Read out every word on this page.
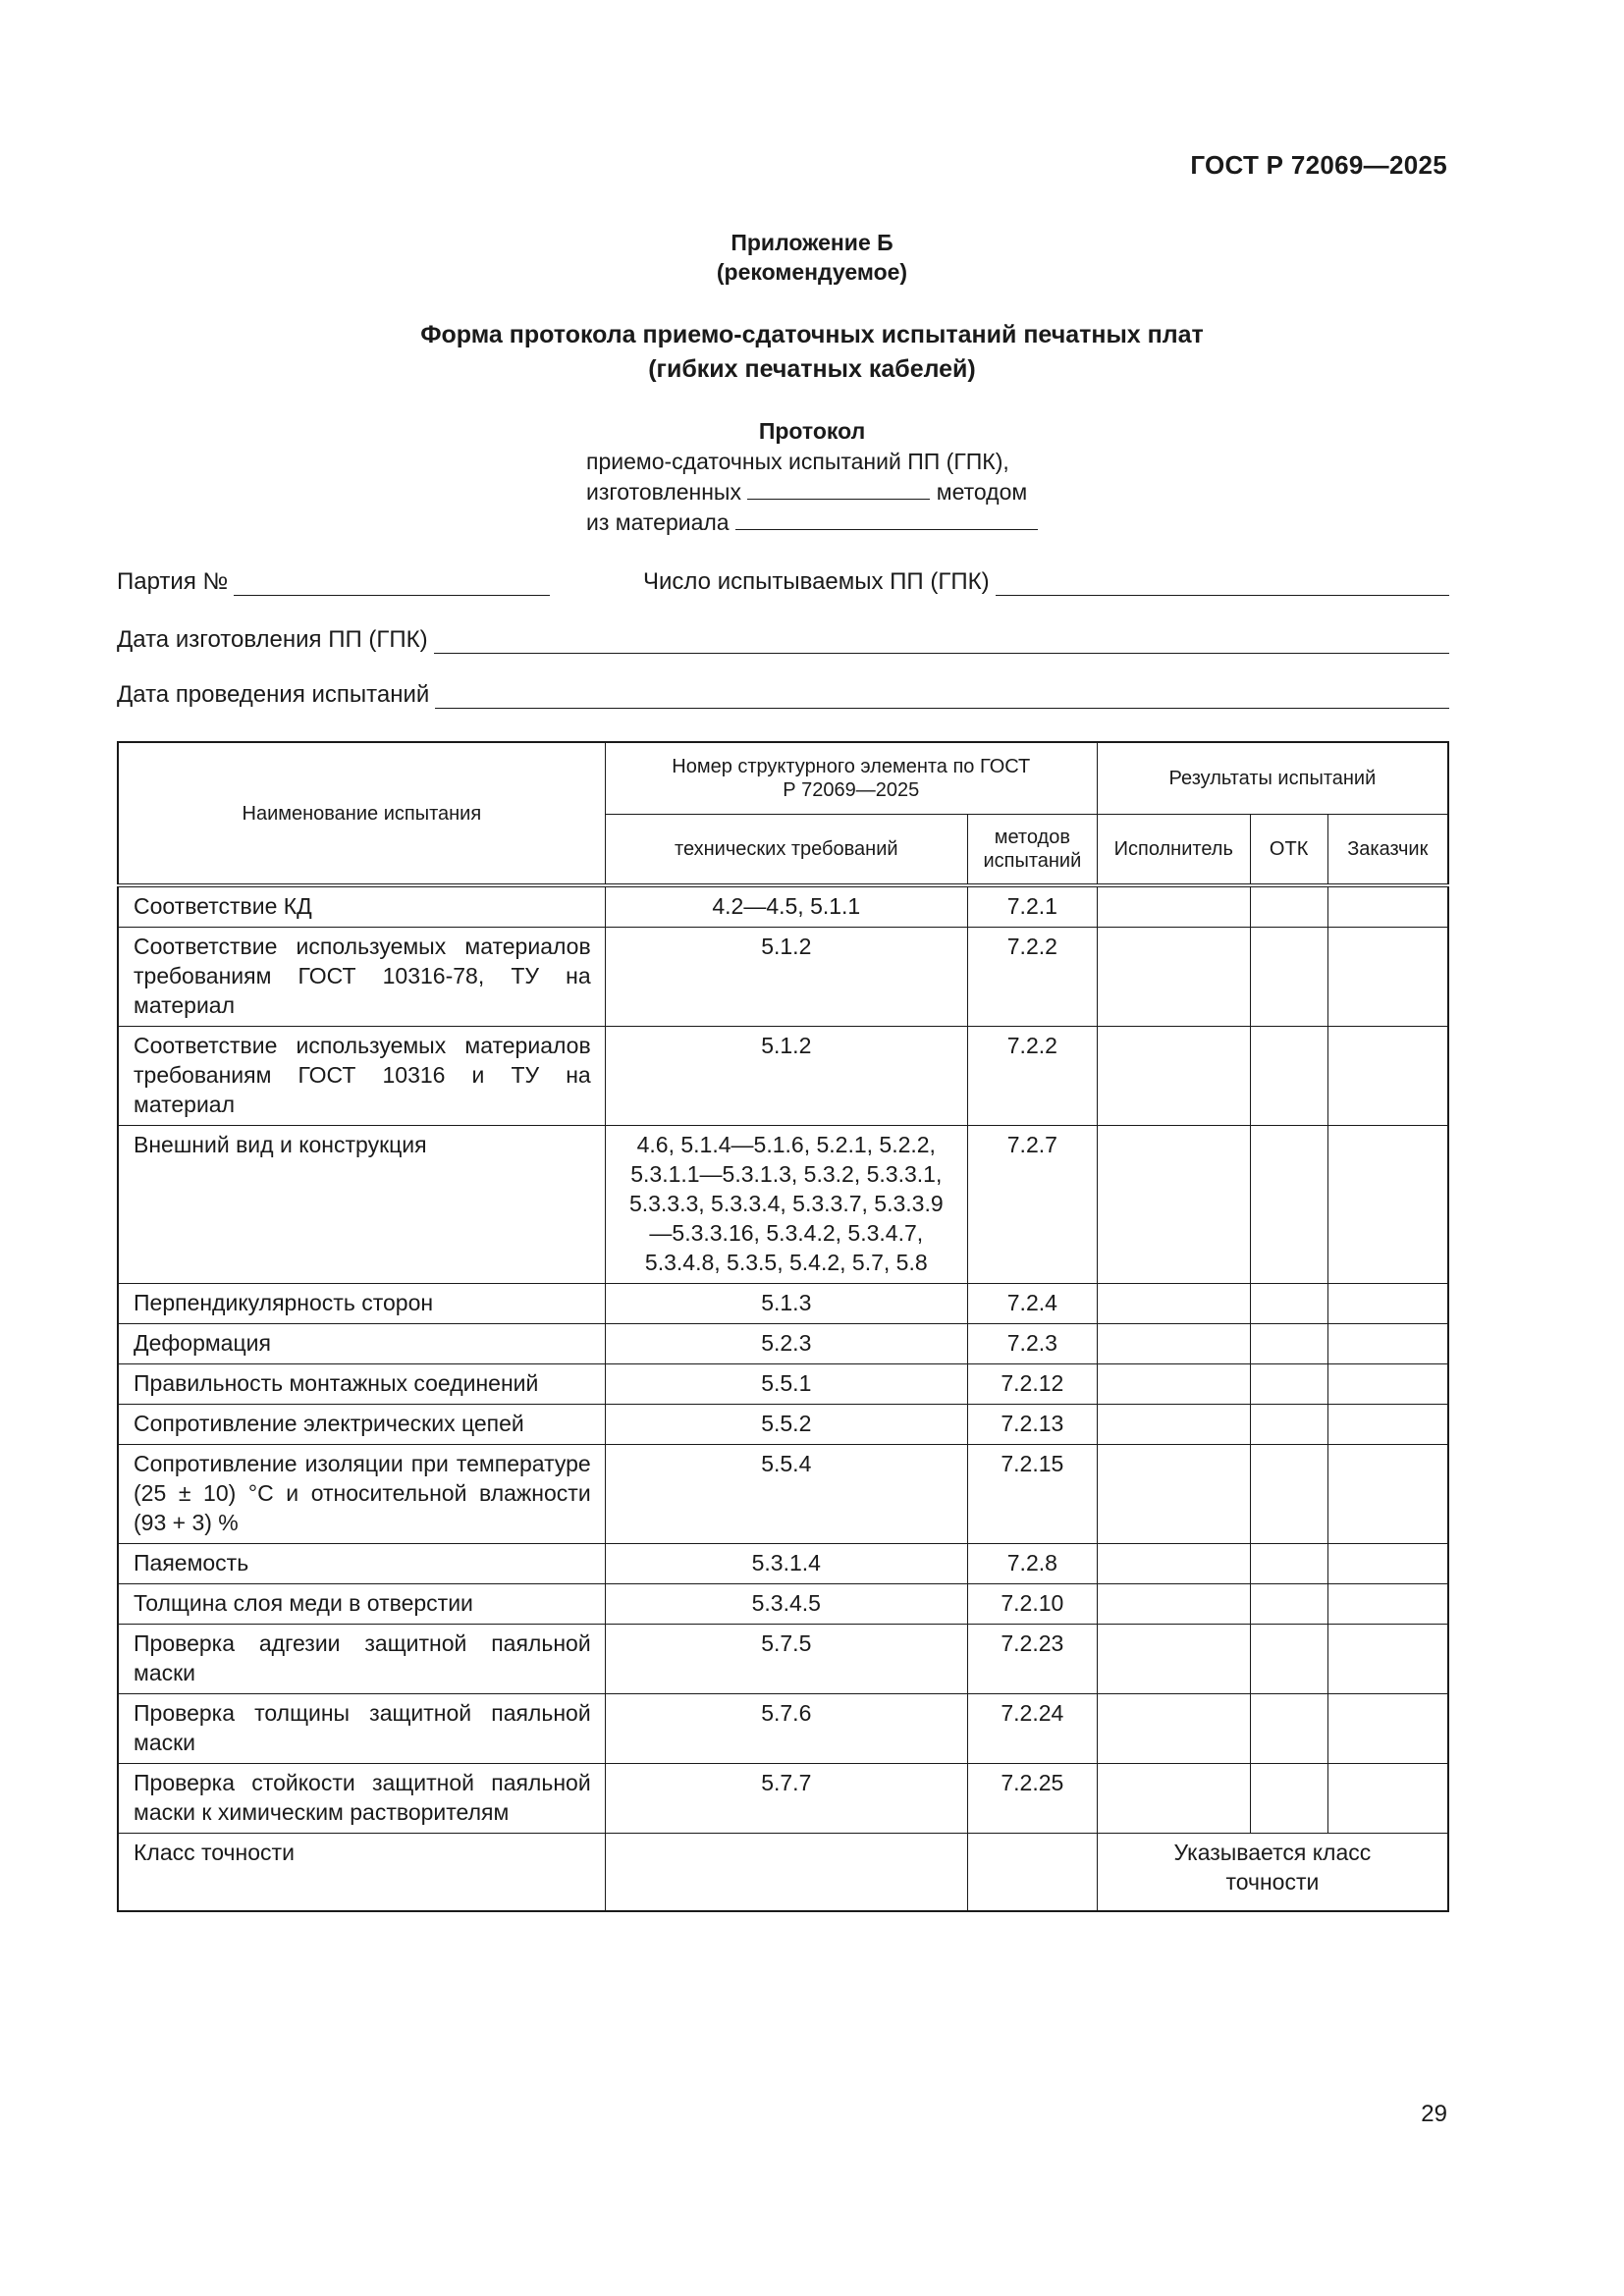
ГОСТ Р 72069—2025
Приложение Б
(рекомендуемое)
Форма протокола приемо-сдаточных испытаний печатных плат
(гибких печатных кабелей)
Протокол
приемо-сдаточных испытаний ПП (ГПК),
изготовленных	методом
из материала
Партия №	Число испытываемых ПП (ГПК)
Дата изготовления ПП (ГПК)
Дата проведения испытаний
Наименование испытания	Номер структурного элемента по ГОСТ Р 72069—2025		Результаты испытаний		
	технических требований	методов испытаний	Исполнитель	ОТК	Заказчик
Соответствие КД	4.2—4.5, 5.1.1	7.2.1			
Соответствие используемых материалов требованиям ГОСТ 10316-78, ТУ на материал	5.1.2	7.2.2			
Соответствие используемых материалов требованиям ГОСТ 10316 и ТУ на материал	5.1.2	7.2.2			
Внешний вид и конструкция	4.6, 5.1.4—5.1.6, 5.2.1, 5.2.2, 5.3.1.1—5.3.1.3, 5.3.2, 5.3.3.1, 5.3.3.3, 5.3.3.4, 5.3.3.7, 5.3.3.9—5.3.3.16, 5.3.4.2, 5.3.4.7, 5.3.4.8, 5.3.5, 5.4.2, 5.7, 5.8	7.2.7			
Перпендикулярность сторон	5.1.3	7.2.4			
Деформация	5.2.3	7.2.3			
Правильность монтажных соединений	5.5.1	7.2.12			
Сопротивление электрических цепей	5.5.2	7.2.13			
Сопротивление изоляции при температуре (25 ± 10) °С и относительной влажности (93 + 3) %	5.5.4	7.2.15			
Паяемость	5.3.1.4	7.2.8			
Толщина слоя меди в отверстии	5.3.4.5	7.2.10			
Проверка адгезии защитной паяльной маски	5.7.5	7.2.23			
Проверка толщины защитной паяльной маски	5.7.6	7.2.24			
Проверка стойкости защитной паяльной маски к химическим растворителям	5.7.7	7.2.25			
Класс точности			Указывается класс точности		
29
